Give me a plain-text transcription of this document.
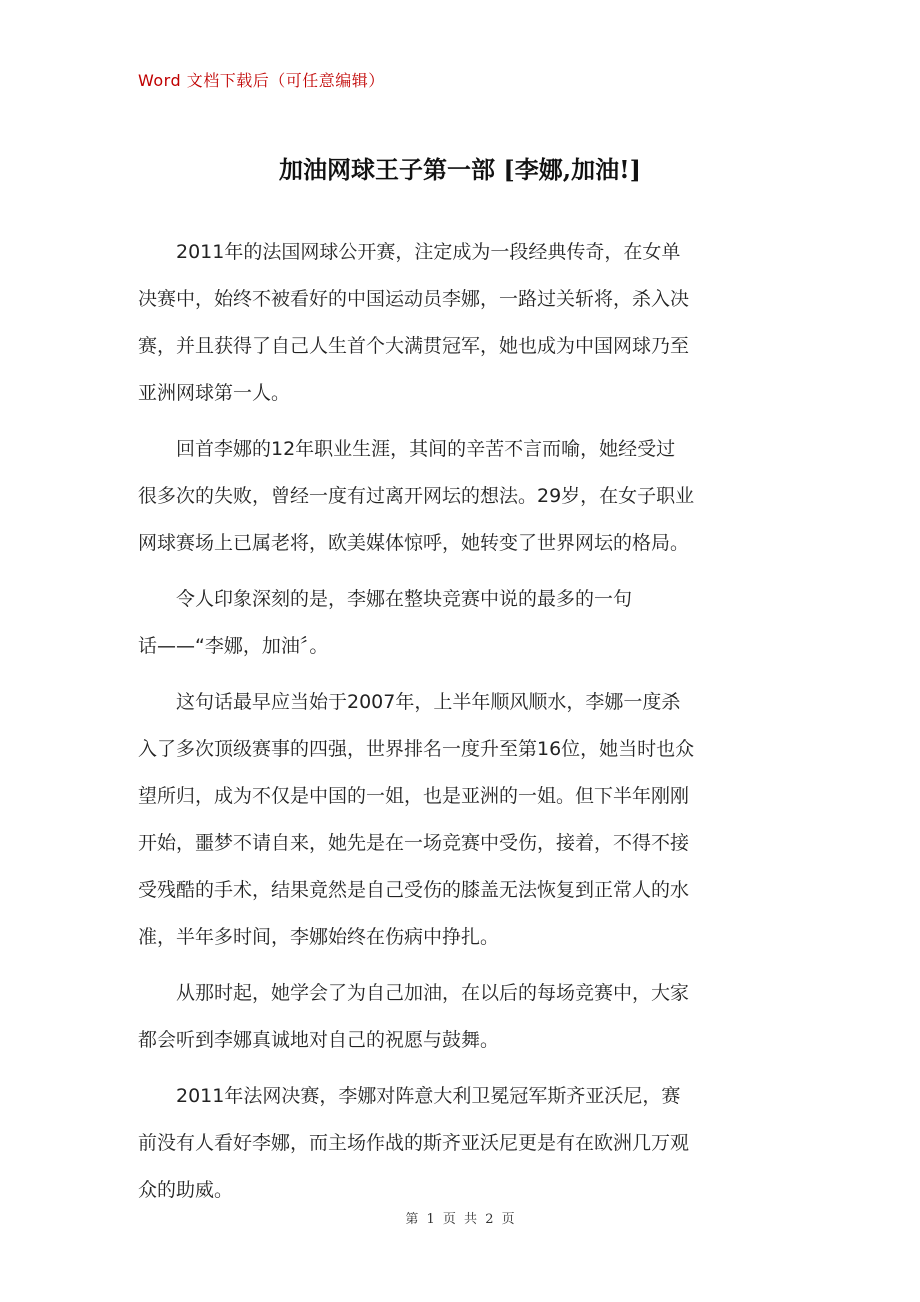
Word 文档下载后（可任意编辑）
加油网球王子第一部 [李娜,加油!]

2011年的法国网球公开赛，注定成为一段经典传奇，在女单
决赛中，始终不被看好的中国运动员李娜，一路过关斩将，杀入决
赛，并且获得了自己人生首个大满贯冠军，她也成为中国网球乃至
亚洲网球第一人。

回首李娜的12年职业生涯，其间的辛苦不言而喻，她经受过
很多次的失败，曾经一度有过离开网坛的想法。29岁，在女子职业
网球赛场上已属老将，欧美媒体惊呼，她转变了世界网坛的格局。

令人印象深刻的是，李娜在整块竞赛中说的最多的一句
话——“李娜，加油〞。

这句话最早应当始于2007年，上半年顺风顺水，李娜一度杀
入了多次顶级赛事的四强，世界排名一度升至第16位，她当时也众
望所归，成为不仅是中国的一姐，也是亚洲的一姐。但下半年刚刚
开始，噩梦不请自来，她先是在一场竞赛中受伤，接着，不得不接
受残酷的手术，结果竟然是自己受伤的膝盖无法恢复到正常人的水
准，半年多时间，李娜始终在伤病中挣扎。

从那时起，她学会了为自己加油，在以后的每场竞赛中，大家
都会听到李娜真诚地对自己的祝愿与鼓舞。

2011年法网决赛，李娜对阵意大利卫冕冠军斯齐亚沃尼，赛
前没有人看好李娜，而主场作战的斯齐亚沃尼更是有在欧洲几万观
众的助威。

第 1 页 共 2 页
